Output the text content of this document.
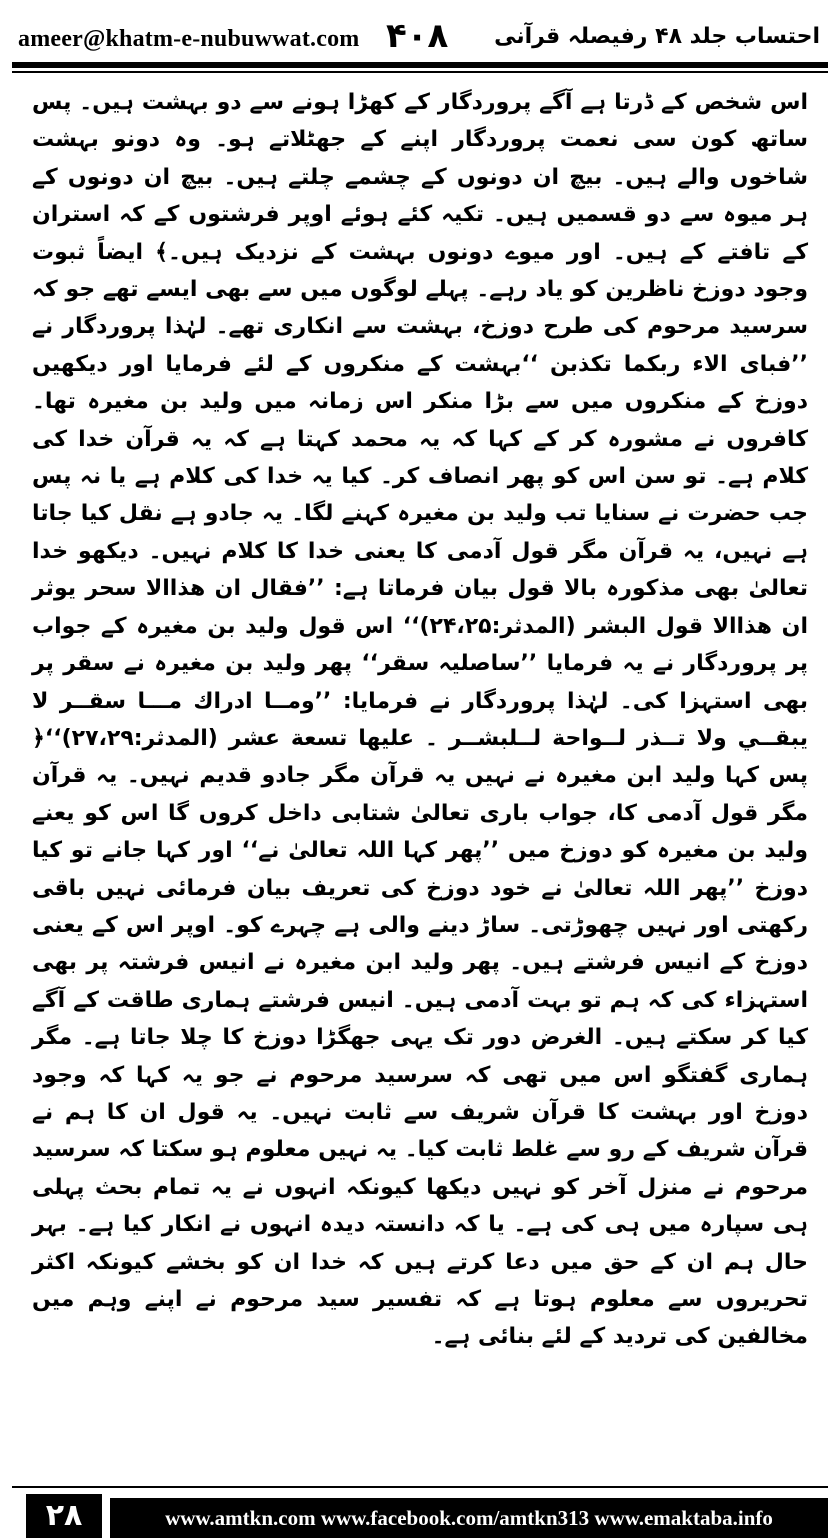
ameer@khatm-e-nubuwwat.com ۴۰۸ احتساب جلد ۴۸ رفیصلہ قرآنی

اس شخص کے ڈرتا ہے آگے پروردگار کے کھڑا ہونے سے دو بہشت ہیں۔ پس ساتھ کون سی نعمت پروردگار اپنے کے جھٹلاتے ہو۔ وہ دونو بہشت شاخوں والے ہیں۔ بیچ ان دونوں کے چشمے چلتے ہیں۔ بیچ ان دونوں کے ہر میوہ سے دو قسمیں ہیں۔ تکیہ کئے ہوئے اوپر فرشتوں کے کہ استران کے تافتے کے ہیں۔ اور میوے دونوں بہشت کے نزدیک ہیں۔﴾ ایضاً ثبوت وجود دوزخ ناظرین کو یاد رہے۔ پہلے لوگوں میں سے بھی ایسے تھے جو کہ سرسید مرحوم کی طرح دوزخ، بہشت سے انکاری تھے۔ لہٰذا پروردگار نے ’’فبای الاء ربکما تکذبن ‘‘بہشت کے منکروں کے لئے فرمایا اور دیکھیں دوزخ کے منکروں میں سے بڑا منکر اس زمانہ میں ولید بن مغیرہ تھا۔ کافروں نے مشورہ کر کے کہا کہ یہ محمد کہتا ہے کہ یہ قرآن خدا کی کلام ہے۔ تو سن اس کو پھر انصاف کر۔ کیا یہ خدا کی کلام ہے یا نہ پس جب حضرت نے سنایا تب ولید بن مغیرہ کہنے لگا۔ یہ جادو ہے نقل کیا جاتا ہے نہیں، یہ قرآن مگر قول آدمی کا یعنی خدا کا کلام نہیں۔ دیکھو خدا تعالیٰ بھی مذکورہ بالا قول بیان فرماتا ہے: ’’فقال ان هذاالا سحر يوثر ان هذاالا قول البشر (المدثر:۲۴،۲۵)‘‘ اس قول ولید بن مغیرہ کے جواب پر پروردگار نے یہ فرمایا ’’ساصلیہ سقر‘‘ پھر ولید بن مغیرہ نے سقر پر بھی استہزا کی۔ لہٰذا پروردگار نے فرمایا: ’’ومــا ادراك مـــا سقــر لا يبقــي ولا تــذر لــواحة لــلبشــر ۔ عليها تسعة عشر (المدثر:۲۷،۲۹)‘‘﴿ پس کہا ولید ابن مغیرہ نے نہیں یہ قرآن مگر جادو قدیم نہیں۔ یہ قرآن مگر قول آدمی کا، جواب باری تعالیٰ شتابی داخل کروں گا اس کو یعنے ولید بن مغیرہ کو دوزخ میں ’’پھر کہا اللہ تعالیٰ نے‘‘ اور کہا جانے تو کیا دوزخ ’’پھر اللہ تعالیٰ نے خود دوزخ کی تعریف بیان فرمائی نہیں باقی رکھتی اور نہیں چھوڑتی۔ ساڑ دینے والی ہے چہرے کو۔ اوپر اس کے یعنی دوزخ کے انیس فرشتے ہیں۔ پھر ولید ابن مغیرہ نے انیس فرشتہ پر بھی استہزاء کی کہ ہم تو بہت آدمی ہیں۔ انیس فرشتے ہماری طاقت کے آگے کیا کر سکتے ہیں۔ الغرض دور تک یہی جھگڑا دوزخ کا چلا جاتا ہے۔ مگر ہماری گفتگو اس میں تھی کہ سرسید مرحوم نے جو یہ کہا کہ وجود دوزخ اور بہشت کا قرآن شریف سے ثابت نہیں۔ یہ قول ان کا ہم نے قرآن شریف کے رو سے غلط ثابت کیا۔ یہ نہیں معلوم ہو سکتا کہ سرسید مرحوم نے منزل آخر کو نہیں دیکھا کیونکہ انہوں نے یہ تمام بحث پہلی ہی سپارہ میں ہی کی ہے۔ یا کہ دانستہ دیدہ انہوں نے انکار کیا ہے۔ بہر حال ہم ان کے حق میں دعا کرتے ہیں کہ خدا ان کو بخشے کیونکہ اکثر تحریروں سے معلوم ہوتا ہے کہ تفسیر سید مرحوم نے اپنے وہم میں مخالفین کی تردید کے لئے بنائی ہے۔

۲۸	www.amtkn.com www.facebook.com/amtkn313 www.emaktaba.info
